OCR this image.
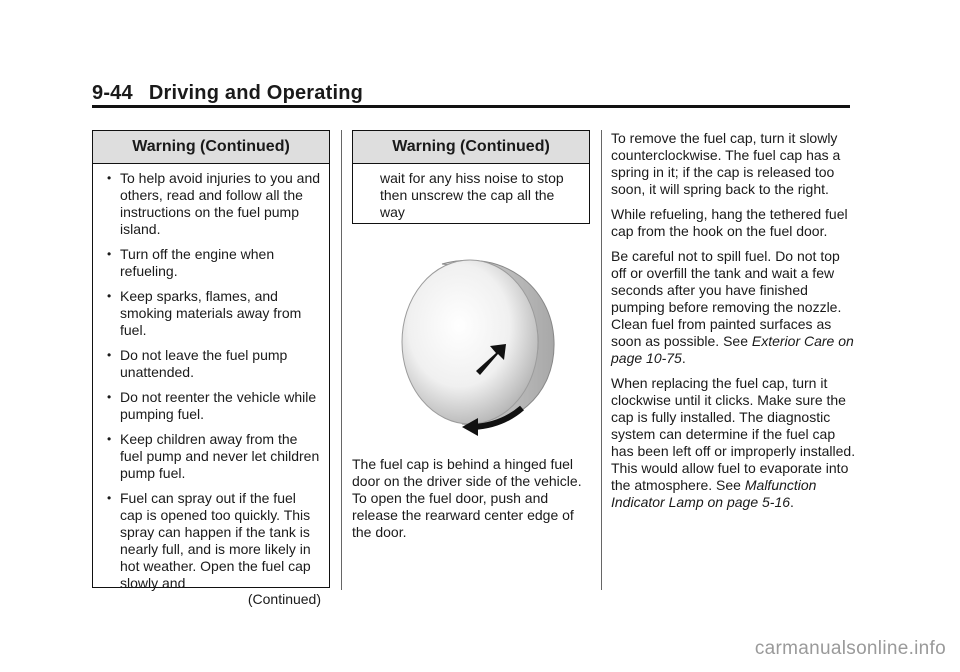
9-44 Driving and Operating
Warning (Continued)
• To help avoid injuries to you and others, read and follow all the instructions on the fuel pump island.
• Turn off the engine when refueling.
• Keep sparks, flames, and smoking materials away from fuel.
• Do not leave the fuel pump unattended.
• Do not reenter the vehicle while pumping fuel.
• Keep children away from the fuel pump and never let children pump fuel.
• Fuel can spray out if the fuel cap is opened too quickly. This spray can happen if the tank is nearly full, and is more likely in hot weather. Open the fuel cap slowly and
(Continued)
Warning (Continued)
wait for any hiss noise to stop then unscrew the cap all the way

The fuel cap is behind a hinged fuel door on the driver side of the vehicle. To open the fuel door, push and release the rearward center edge of the door.

To remove the fuel cap, turn it slowly counterclockwise. The fuel cap has a spring in it; if the cap is released too soon, it will spring back to the right.

While refueling, hang the tethered fuel cap from the hook on the fuel door.

Be careful not to spill fuel. Do not top off or overfill the tank and wait a few seconds after you have finished pumping before removing the nozzle. Clean fuel from painted surfaces as soon as possible. See Exterior Care on page 10-75.

When replacing the fuel cap, turn it clockwise until it clicks. Make sure the cap is fully installed. The diagnostic system can determine if the fuel cap has been left off or improperly installed. This would allow fuel to evaporate into the atmosphere. See Malfunction Indicator Lamp on page 5-16.

carmanualsonline.info
